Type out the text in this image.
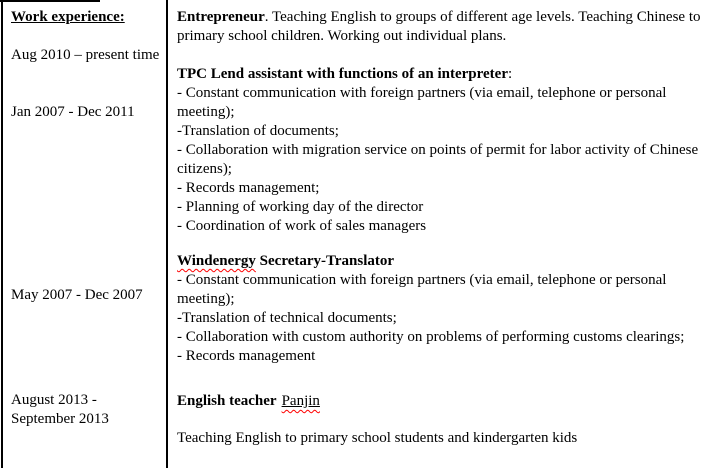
Work experience:
Aug 2010 – present time
Jan 2007 - Dec 2011
May 2007 - Dec 2007
August 2013 - September 2013

Entrepreneur. Teaching English to groups of different age levels. Teaching Chinese to primary school children. Working out individual plans.

TPC Lend assistant with functions of an interpreter:

- Constant communication with foreign partners (via email, telephone or personal meeting);

-Translation of documents;

- Collaboration with migration service on points of permit for labor activity of Chinese citizens);

- Records management;

- Planning of working day of the director

- Coordination of work of sales managers

Windenergy Secretary-Translator

- Constant communication with foreign partners (via email, telephone or personal meeting);

-Translation of technical documents;

- Collaboration with custom authority on problems of performing customs clearings;

- Records management

English teacher Panjin

Teaching English to primary school students and kindergarten kids
